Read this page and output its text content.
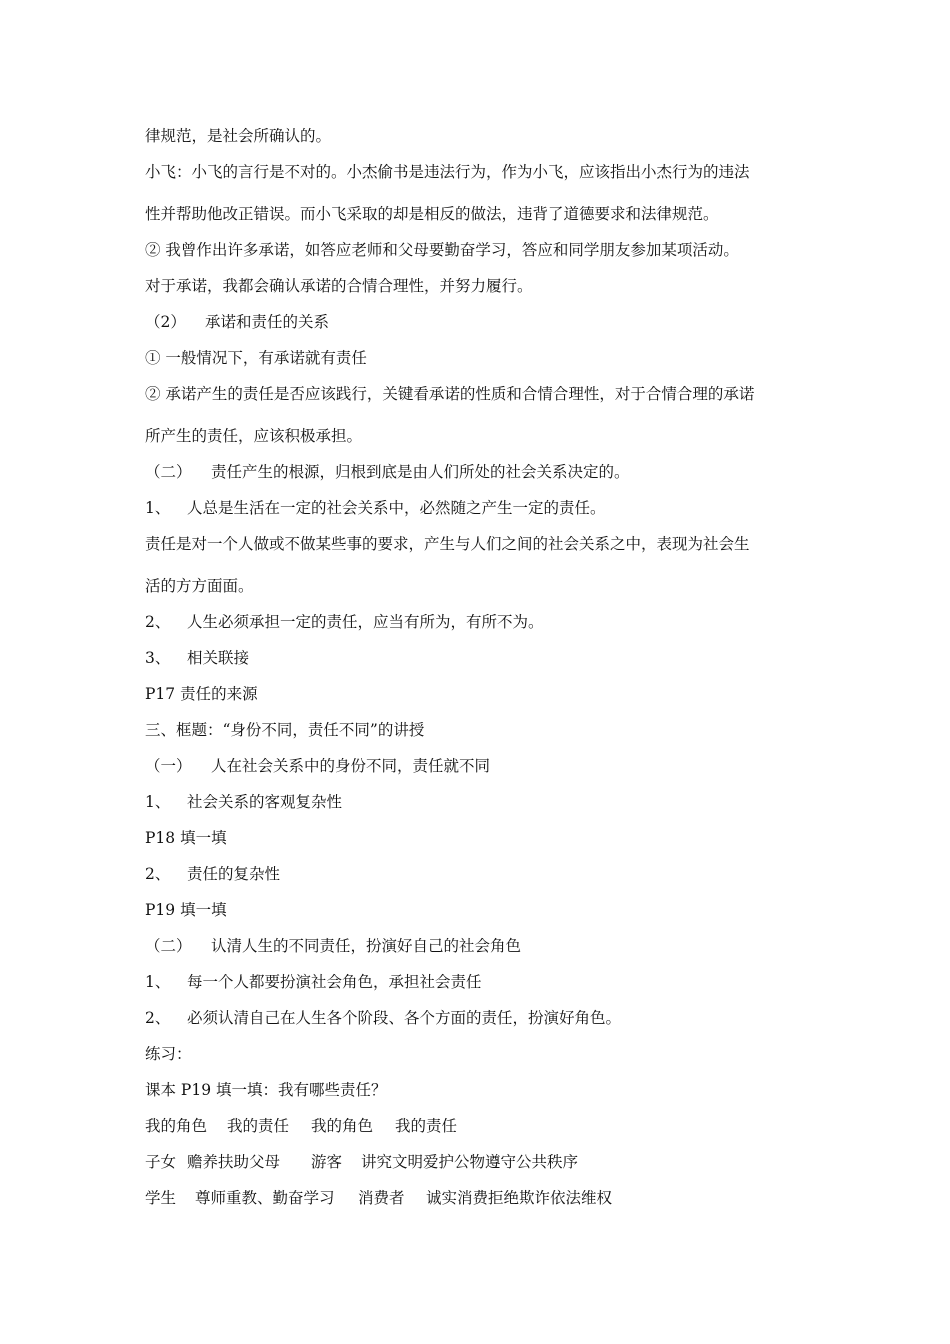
律规范，是社会所确认的。
小飞：小飞的言行是不对的。小杰偷书是违法行为，作为小飞，应该指出小杰行为的违法
性并帮助他改正错误。而小飞采取的却是相反的做法，违背了道德要求和法律规范。
② 我曾作出许多承诺，如答应老师和父母要勤奋学习，答应和同学朋友参加某项活动。
对于承诺，我都会确认承诺的合情合理性，并努力履行。
（2） 承诺和责任的关系
① 一般情况下，有承诺就有责任
② 承诺产生的责任是否应该践行，关键看承诺的性质和合情合理性，对于合情合理的承诺
所产生的责任，应该积极承担。
（二） 责任产生的根源，归根到底是由人们所处的社会关系决定的。
1、 人总是生活在一定的社会关系中，必然随之产生一定的责任。
责任是对一个人做或不做某些事的要求，产生与人们之间的社会关系之中，表现为社会生
活的方方面面。
2、 人生必须承担一定的责任，应当有所为，有所不为。
3、 相关联接
P17 责任的来源
三、框题：“身份不同，责任不同”的讲授
（一） 人在社会关系中的身份不同，责任就不同
1、 社会关系的客观复杂性
P18 填一填
2、 责任的复杂性
P19 填一填
（二） 认清人生的不同责任，扮演好自己的社会角色
1、 每一个人都要扮演社会角色，承担社会责任
2、 必须认清自己在人生各个阶段、各个方面的责任，扮演好角色。
练习：
课本 P19 填一填：我有哪些责任？
我的角色 我的责任 我的角色 我的责任
子女 赡养扶助父母 游客 讲究文明爱护公物遵守公共秩序
学生 尊师重教、勤奋学习 消费者 诚实消费拒绝欺诈依法维权
